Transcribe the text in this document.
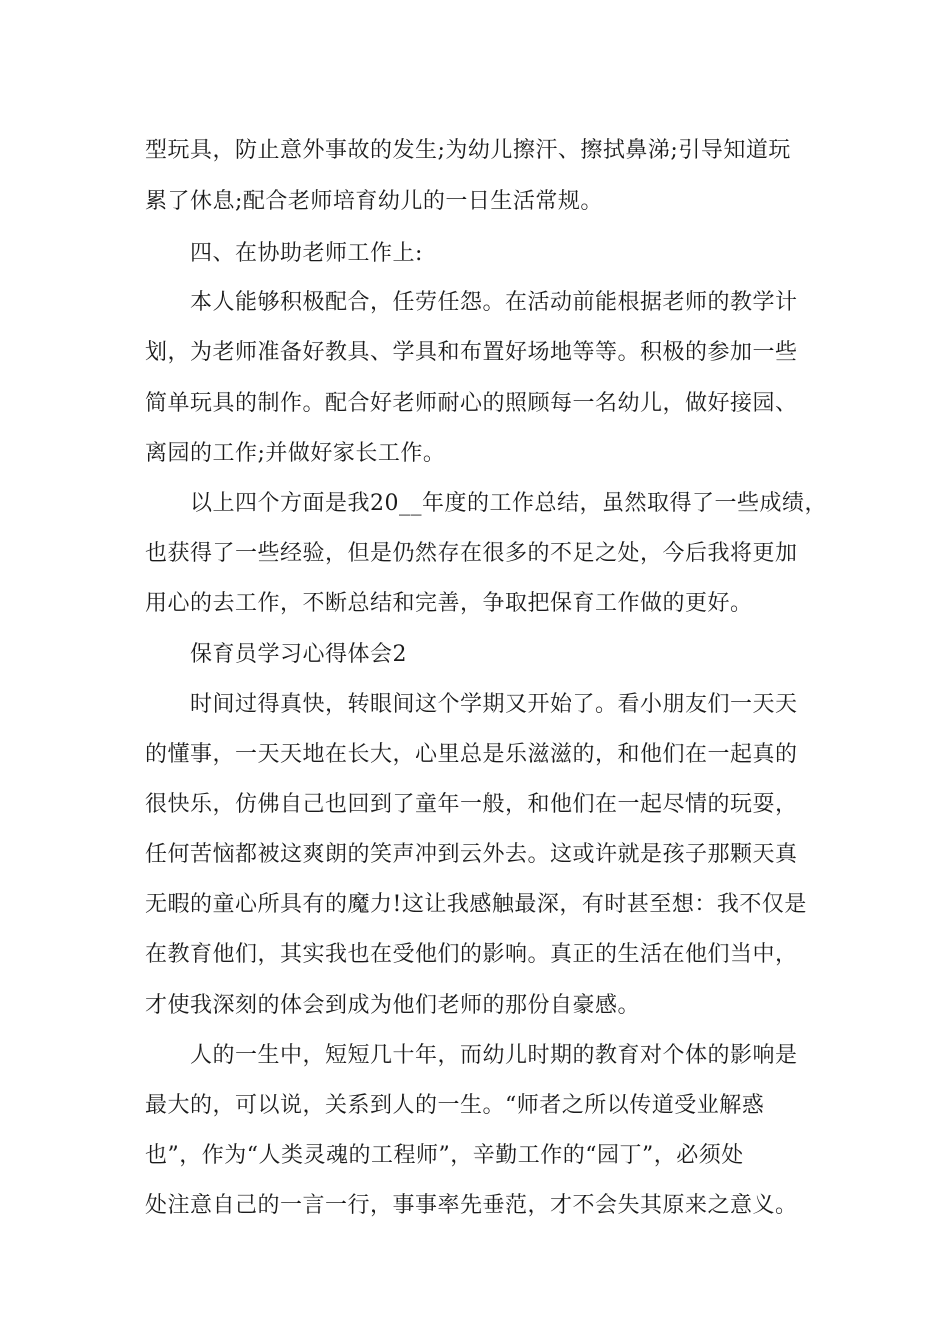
型玩具，防止意外事故的发生;为幼儿擦汗、擦拭鼻涕;引导知道玩
累了休息;配合老师培育幼儿的一日生活常规。
四、在协助老师工作上:
本人能够积极配合，任劳任怨。在活动前能根据老师的教学计
划，为老师准备好教具、学具和布置好场地等等。积极的参加一些
简单玩具的制作。配合好老师耐心的照顾每一名幼儿，做好接园、
离园的工作;并做好家长工作。
以上四个方面是我20__年度的工作总结，虽然取得了一些成绩，
也获得了一些经验，但是仍然存在很多的不足之处，今后我将更加
用心的去工作，不断总结和完善，争取把保育工作做的更好。
保育员学习心得体会2
时间过得真快，转眼间这个学期又开始了。看小朋友们一天天
的懂事，一天天地在长大，心里总是乐滋滋的，和他们在一起真的
很快乐，仿佛自己也回到了童年一般，和他们在一起尽情的玩耍，
任何苦恼都被这爽朗的笑声冲到云外去。这或许就是孩子那颗天真
无暇的童心所具有的魔力!这让我感触最深，有时甚至想：我不仅是
在教育他们，其实我也在受他们的影响。真正的生活在他们当中，
才使我深刻的体会到成为他们老师的那份自豪感。
人的一生中，短短几十年，而幼儿时期的教育对个体的影响是
最大的，可以说，关系到人的一生。“师者之所以传道受业解惑
也”，作为“人类灵魂的工程师”，辛勤工作的“园丁”，必须处
处注意自己的一言一行，事事率先垂范，才不会失其原来之意义。
